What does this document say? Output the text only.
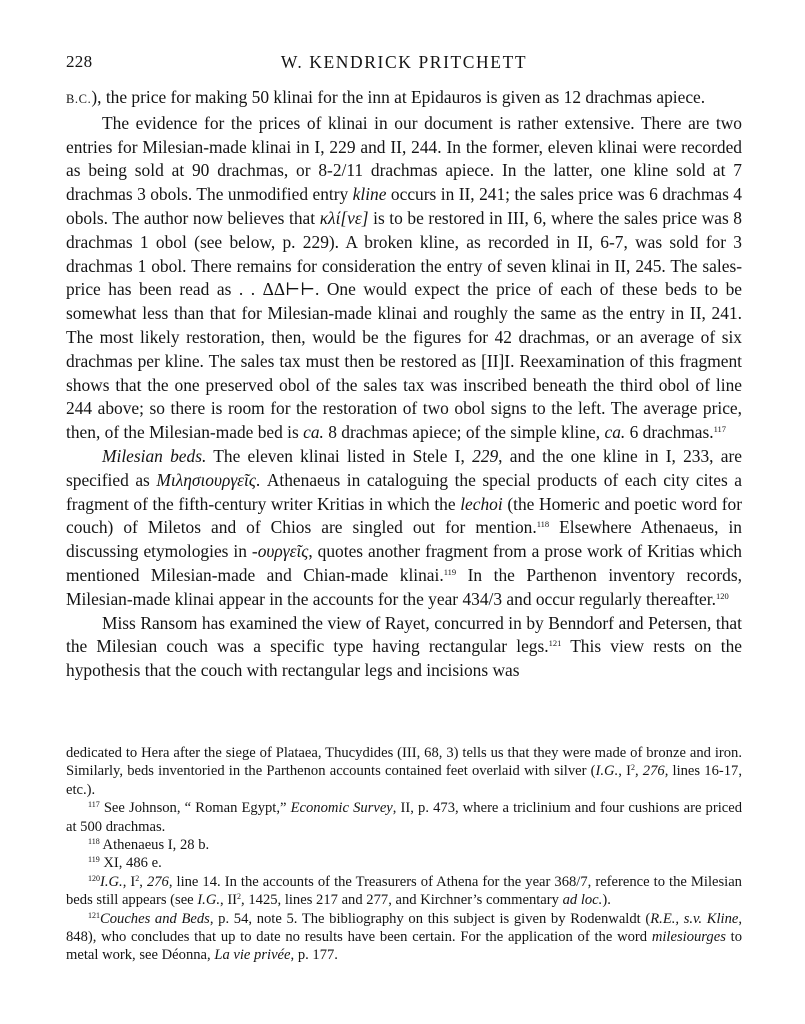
228	W. KENDRICK PRITCHETT

B.C.), the price for making 50 klinai for the inn at Epidauros is given as 12 drachmas apiece.

The evidence for the prices of klinai in our document is rather extensive. There are two entries for Milesian-made klinai in I, 229 and II, 244. In the former, eleven klinai were recorded as being sold at 90 drachmas, or 8-2/11 drachmas apiece. In the latter, one kline sold at 7 drachmas 3 obols. The unmodified entry kline occurs in II, 241; the sales price was 6 drachmas 4 obols. The author now believes that κλί[νε] is to be restored in III, 6, where the sales price was 8 drachmas 1 obol (see below, p. 229). A broken kline, as recorded in II, 6-7, was sold for 3 drachmas 1 obol. There remains for consideration the entry of seven klinai in II, 245. The sales-price has been read as . . ΔΔ⊢⊢. One would expect the price of each of these beds to be somewhat less than that for Milesian-made klinai and roughly the same as the entry in II, 241. The most likely restoration, then, would be the figures for 42 drachmas, or an average of six drachmas per kline. The sales tax must then be restored as [II]I. Reexamination of this fragment shows that the one preserved obol of the sales tax was inscribed beneath the third obol of line 244 above; so there is room for the restoration of two obol signs to the left. The average price, then, of the Milesian-made bed is ca. 8 drachmas apiece; of the simple kline, ca. 6 drachmas.$^{117}$

Milesian beds. The eleven klinai listed in Stele I, 229, and the one kline in I, 233, are specified as Μιλησιουργεῖς. Athenaeus in cataloguing the special products of each city cites a fragment of the fifth-century writer Kritias in which the lechoi (the Homeric and poetic word for couch) of Miletos and of Chios are singled out for mention.$^{118}$ Elsewhere Athenaeus, in discussing etymologies in -ουργεῖς, quotes another fragment from a prose work of Kritias which mentioned Milesian-made and Chian-made klinai.$^{119}$ In the Parthenon inventory records, Milesian-made klinai appear in the accounts for the year 434/3 and occur regularly thereafter.$^{120}$

Miss Ransom has examined the view of Rayet, concurred in by Benndorf and Petersen, that the Milesian couch was a specific type having rectangular legs.$^{121}$ This view rests on the hypothesis that the couch with rectangular legs and incisions was

dedicated to Hera after the siege of Plataea, Thucydides (III, 68, 3) tells us that they were made of bronze and iron. Similarly, beds inventoried in the Parthenon accounts contained feet overlaid with silver (I.G., $I^2$, 276, lines 16-17, etc.).

$^{117}$ See Johnson, “ Roman Egypt,” Economic Survey, II, p. 473, where a triclinium and four cushions are priced at 500 drachmas.

$^{118}$ Athenaeus I, 28 b.

$^{119}$ XI, 486 e.

$^{120}$I.G., $I^2$, 276, line 14. In the accounts of the Treasurers of Athena for the year 368/7, reference to the Milesian beds still appears (see I.G., $II^2$, 1425, lines 217 and 277, and Kirchner’s commentary ad loc.).

$^{121}$Couches and Beds, p. 54, note 5. The bibliography on this subject is given by Rodenwaldt (R.E., s.v. Kline, 848), who concludes that up to date no results have been certain. For the application of the word milesiourges to metal work, see Déonna, La vie privée, p. 177.
